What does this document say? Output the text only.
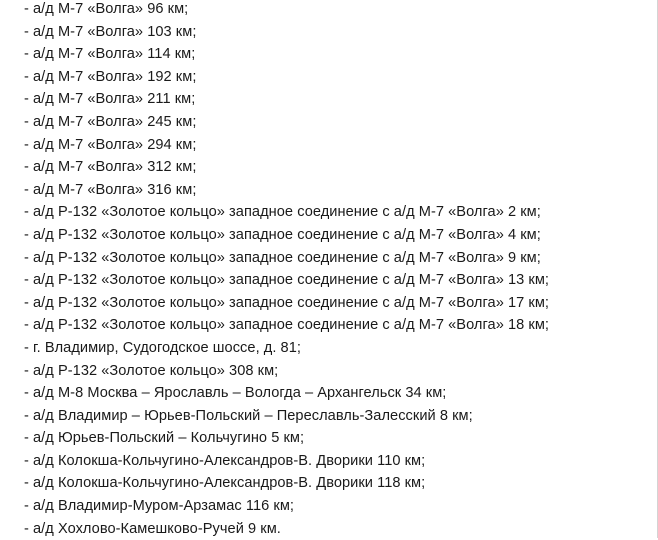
- а/д М-7 «Волга» 96 км;
- а/д М-7 «Волга» 103 км;
- а/д М-7 «Волга» 114 км;
- а/д М-7 «Волга» 192 км;
- а/д М-7 «Волга» 211 км;
- а/д М-7 «Волга» 245 км;
- а/д М-7 «Волга» 294 км;
- а/д М-7 «Волга» 312 км;
- а/д М-7 «Волга» 316 км;
- а/д Р-132 «Золотое кольцо» западное соединение с а/д М-7 «Волга» 2 км;
- а/д Р-132 «Золотое кольцо» западное соединение с а/д М-7 «Волга» 4 км;
- а/д Р-132 «Золотое кольцо» западное соединение с а/д М-7 «Волга» 9 км;
- а/д Р-132 «Золотое кольцо» западное соединение с а/д М-7 «Волга» 13 км;
- а/д Р-132 «Золотое кольцо» западное соединение с а/д М-7 «Волга» 17 км;
- а/д Р-132 «Золотое кольцо» западное соединение с а/д М-7 «Волга» 18 км;
- г. Владимир, Судогодское шоссе, д. 81;
- а/д Р-132 «Золотое кольцо» 308 км;
- а/д М-8 Москва – Ярославль – Вологда – Архангельск 34 км;
- а/д Владимир – Юрьев-Польский – Переславль-Залесский 8 км;
- а/д Юрьев-Польский – Кольчугино 5 км;
- а/д Колокша-Кольчугино-Александров-В. Дворики 110 км;
- а/д Колокша-Кольчугино-Александров-В. Дворики 118 км;
- а/д Владимир-Муром-Арзамас 116 км;
- а/д Хохлово-Камешково-Ручей 9 км.
